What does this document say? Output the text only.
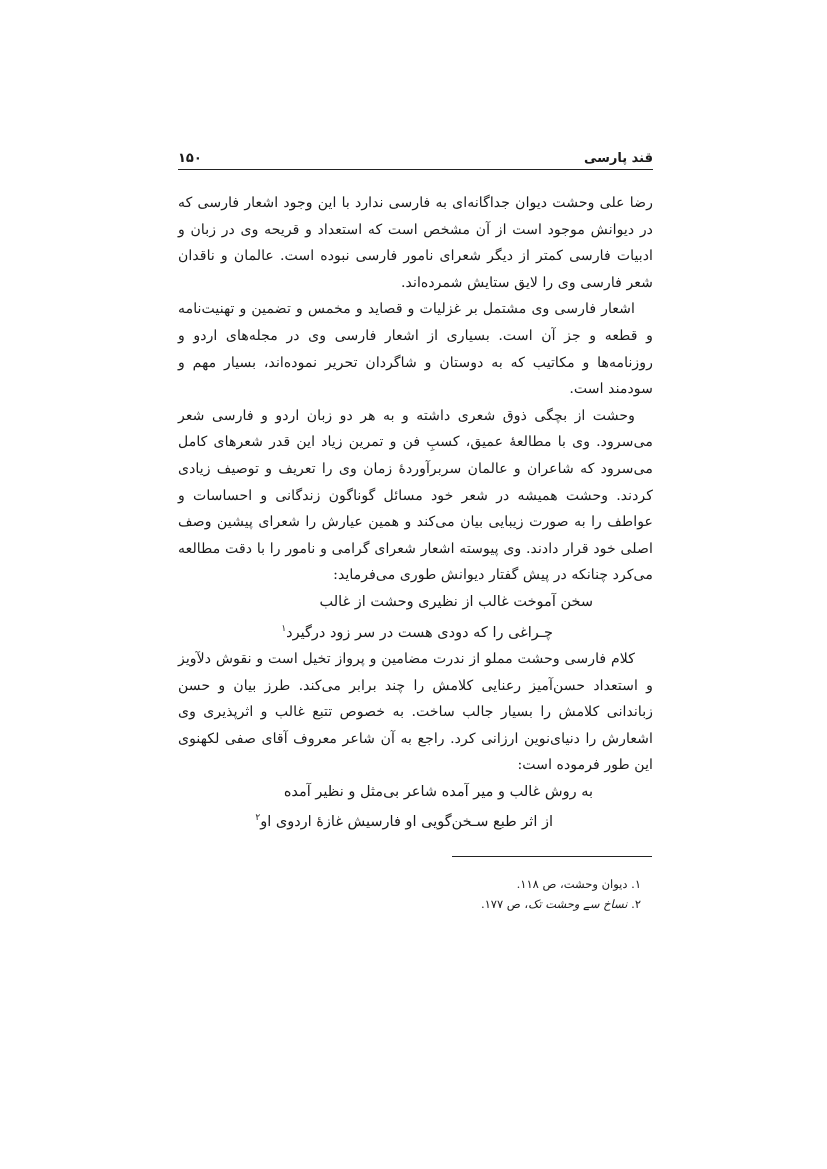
قند پارسی
۱۵۰

رضا علی وحشت دیوان جداگانه‌ای به فارسی ندارد با این وجود اشعار فارسی که در دیوانش موجود است از آن مشخص است که استعداد و قریحه وی در زبان و ادبیات فارسی کمتر از دیگر شعرای نامور فارسی نبوده است. عالمان و ناقدان شعر فارسی وی را لایق ستایش شمرده‌اند.

اشعار فارسی وی مشتمل بر غزلیات و قصاید و مخمس و تضمین و تهنیت‌نامه و قطعه و جز آن است. بسیاری از اشعار فارسی وی در مجله‌های اردو و روزنامه‌ها و مکاتیب که به دوستان و شاگردان تحریر نموده‌اند، بسیار مهم و سودمند است.

وحشت از بچگی ذوق شعری داشته و به هر دو زبان اردو و فارسی شعر می‌سرود. وی با مطالعهٔ عمیق، کسبِ فن و تمرین زیاد این قدر شعرهای کامل می‌سرود که شاعران و عالمان سربرآوردهٔ زمان وی را تعریف و توصیف زیادی کردند. وحشت همیشه در شعر خود مسائل گوناگون زندگانی و احساسات و عواطف را به صورت زیبایی بیان می‌کند و همین عیارش را شعرای پیشین وصف اصلی خود قرار دادند. وی پیوسته اشعار شعرای گرامی و نامور را با دقت مطالعه می‌کرد چنانکه در پیش گفتار دیوانش طوری می‌فرماید:

سخن آموخت غالب از نظیری وحشت از غالب

چـراغی را که دودی هست در سر زود درگیرد$^۱$

کلام فارسی وحشت مملو از ندرت مضامین و پرواز تخیل است و نقوش دلآویز و استعداد حسن‌آمیز رعنایی کلامش را چند برابر می‌کند. طرز بیان و حسن زباندانی کلامش را بسیار جالب ساخت. به خصوص تتبع غالب و اثرپذیری وی اشعارش را دنیای‌نوین ارزانی کرد. راجع به آن شاعر معروف آقای صفی لکهنوی این طور فرموده است:

به روش غالب و میر آمده شاعر بی‌مثل و نظیر آمده

از اثر طبع سـخن‌گویی او فارسیش غازهٔ اردوی او$^۲$

۱. دیوان وحشت، ص ۱۱۸.

۲. نساخ سے وحشت تک، ص ۱۷۷.
